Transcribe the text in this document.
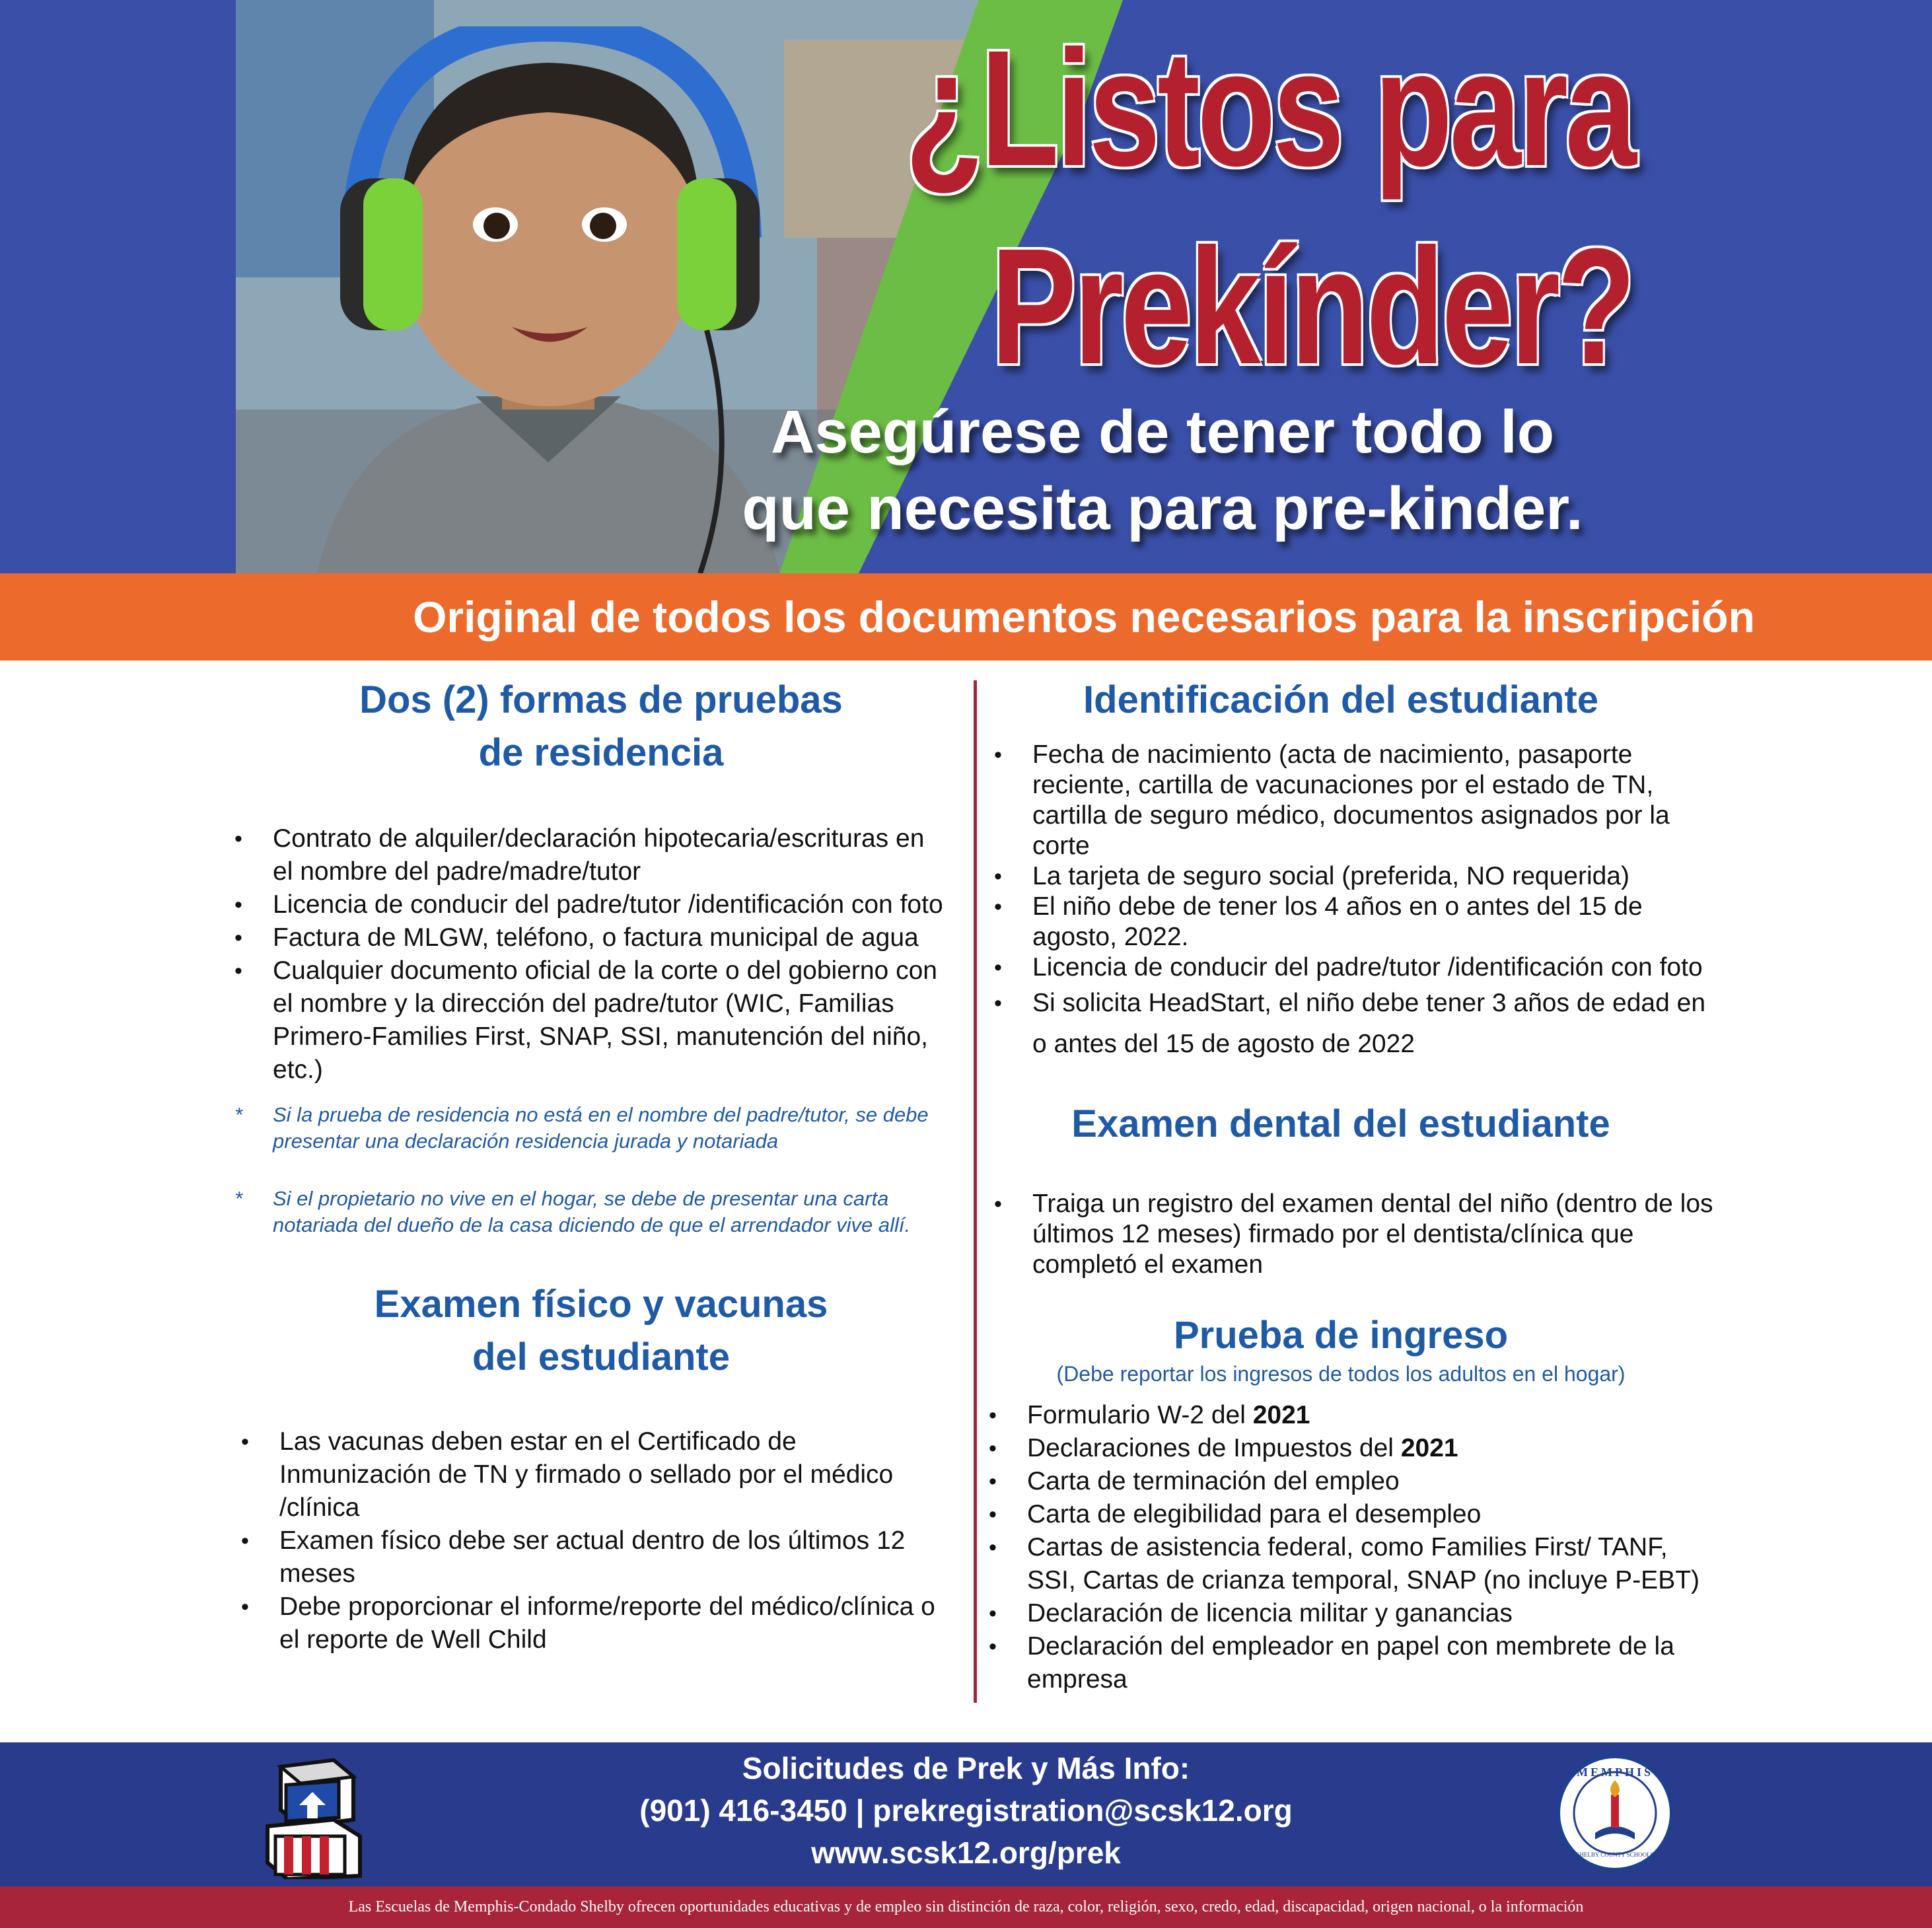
¿Listos para
Prekínder?
Asegúrese de tener todo lo
que necesita para pre-kinder.
Original de todos los documentos necesarios para la inscripción
Dos (2) formas de pruebas
de residencia
• Contrato de alquiler/declaración hipotecaria/escrituras en el nombre del padre/madre/tutor
• Licencia de conducir del padre/tutor /identificación con foto
• Factura de MLGW, teléfono, o factura municipal de agua
• Cualquier documento oficial de la corte o del gobierno con el nombre y la dirección del padre/tutor (WIC, Familias Primero-Families First, SNAP, SSI, manutención del niño, etc.)
* Si la prueba de residencia no está en el nombre del padre/tutor, se debe presentar una declaración residencia jurada y notariada
* Si el propietario no vive en el hogar, se debe de presentar una carta notariada del dueño de la casa diciendo de que el arrendador vive allí.
Examen físico y vacunas
del estudiante
• Las vacunas deben estar en el Certificado de Inmunización de TN y firmado o sellado por el médico /clínica
• Examen físico debe ser actual dentro de los últimos 12 meses
• Debe proporcionar el informe/reporte del médico/clínica o el reporte de Well Child
Identificación del estudiante
• Fecha de nacimiento (acta de nacimiento, pasaporte reciente, cartilla de vacunaciones por el estado de TN, cartilla de seguro médico, documentos asignados por la corte
• La tarjeta de seguro social (preferida, NO requerida)
• El niño debe de tener los 4 años en o antes del 15 de agosto, 2022.
• Licencia de conducir del padre/tutor /identificación con foto
• Si solicita HeadStart, el niño debe tener 3 años de edad en o antes del 15 de agosto de 2022
Examen dental del estudiante
• Traiga un registro del examen dental del niño (dentro de los últimos 12 meses) firmado por el dentista/clínica que completó el examen
Prueba de ingreso
(Debe reportar los ingresos de todos los adultos en el hogar)
• Formulario W-2 del 2021
• Declaraciones de Impuestos del 2021
• Carta de terminación del empleo
• Carta de elegibilidad para el desempleo
• Cartas de asistencia federal, como Families First/ TANF, SSI, Cartas de crianza temporal, SNAP (no incluye P-EBT)
• Declaración de licencia militar y ganancias
• Declaración del empleador en papel con membrete de la empresa
Solicitudes de Prek y Más Info:
(901) 416-3450 | prekregistration@scsk12.org
www.scsk12.org/prek
MEMPHIS
SHELBY COUNTY SCHOOLS
Las Escuelas de Memphis-Condado Shelby ofrecen oportunidades educativas y de empleo sin distinción de raza, color, religión, sexo, credo, edad, discapacidad, origen nacional, o la información
